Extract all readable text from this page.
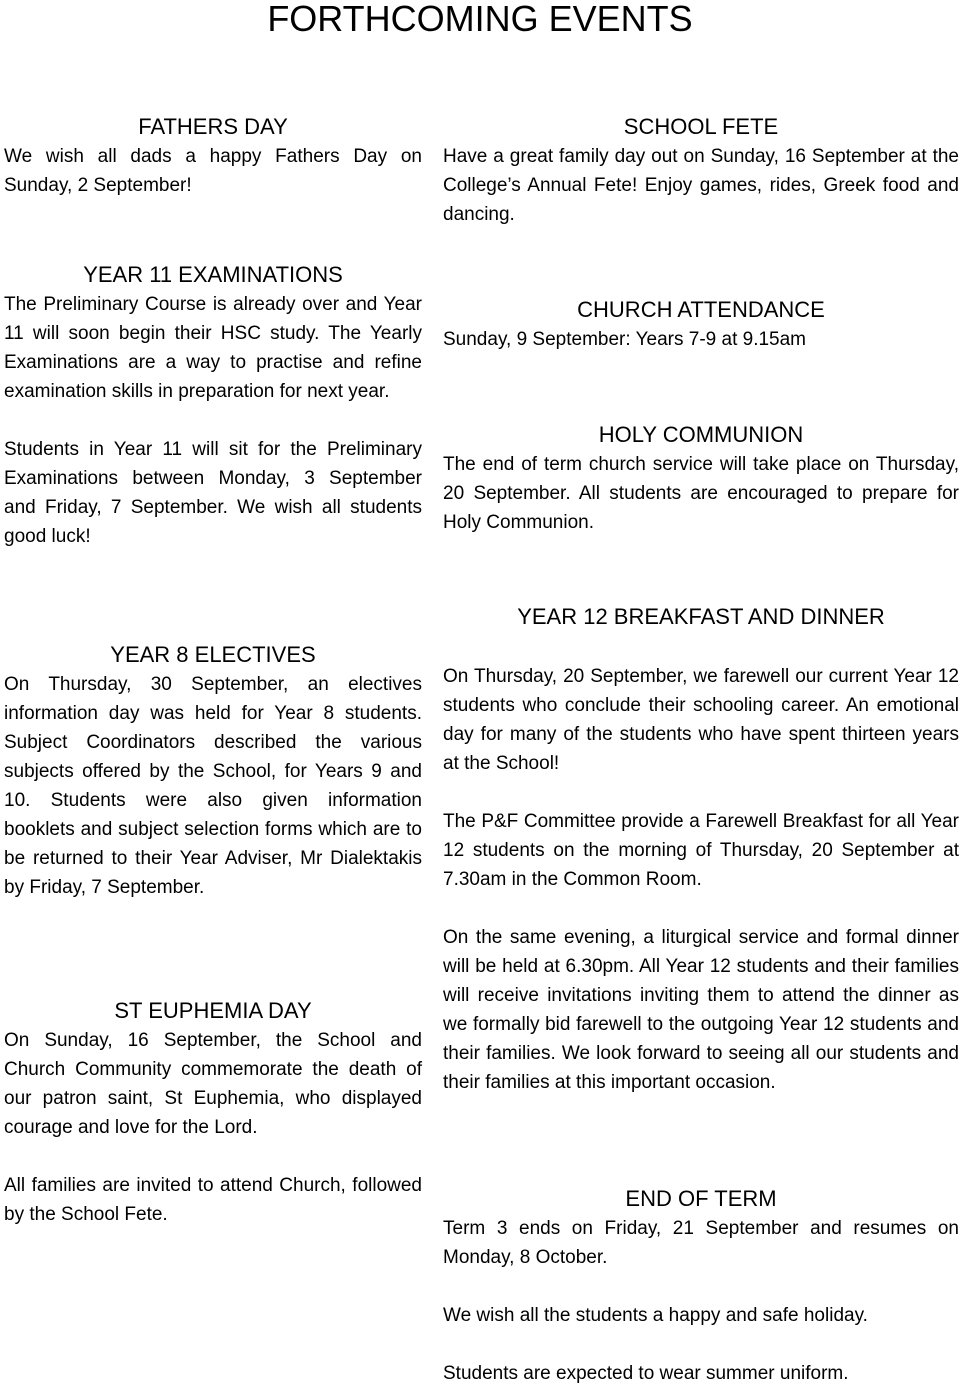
FORTHCOMING EVENTS
FATHERS DAY

We wish all dads a happy Fathers Day on Sunday, 2 September!

YEAR 11 EXAMINATIONS

The Preliminary Course is already over and Year 11 will soon begin their HSC study. The Yearly Examinations are a way to practise and refine examination skills in preparation for next year.

Students in Year 11 will sit for the Preliminary Examinations between Monday, 3 September and Friday, 7 September. We wish all students good luck!

YEAR 8 ELECTIVES

On Thursday, 30 September, an electives information day was held for Year 8 students. Subject Coordinators described the various subjects offered by the School, for Years 9 and 10. Students were also given information booklets and subject selection forms which are to be returned to their Year Adviser, Mr Dialektakis by Friday, 7 September.

ST EUPHEMIA DAY

On Sunday, 16 September, the School and Church Community commemorate the death of our patron saint, St Euphemia, who displayed courage and love for the Lord.

All families are invited to attend Church, followed by the School Fete.

SCHOOL FETE

Have a great family day out on Sunday, 16 September at the College’s Annual Fete! Enjoy games, rides, Greek food and dancing.

CHURCH ATTENDANCE

Sunday, 9 September: Years 7-9 at 9.15am

HOLY COMMUNION

The end of term church service will take place on Thursday, 20 September. All students are encouraged to prepare for Holy Communion.

YEAR 12 BREAKFAST AND DINNER

On Thursday, 20 September, we farewell our current Year 12 students who conclude their schooling career. An emotional day for many of the students who have spent thirteen years at the School!

The P&F Committee provide a Farewell Breakfast for all Year 12 students on the morning of Thursday, 20 September at 7.30am in the Common Room.

On the same evening, a liturgical service and formal dinner will be held at 6.30pm. All Year 12 students and their families will receive invitations inviting them to attend the dinner as we formally bid farewell to the outgoing Year 12 students and their families. We look forward to seeing all our students and their families at this important occasion.

END OF TERM

Term 3 ends on Friday, 21 September and resumes on Monday, 8 October.

We wish all the students a happy and safe holiday.

Students are expected to wear summer uniform.
